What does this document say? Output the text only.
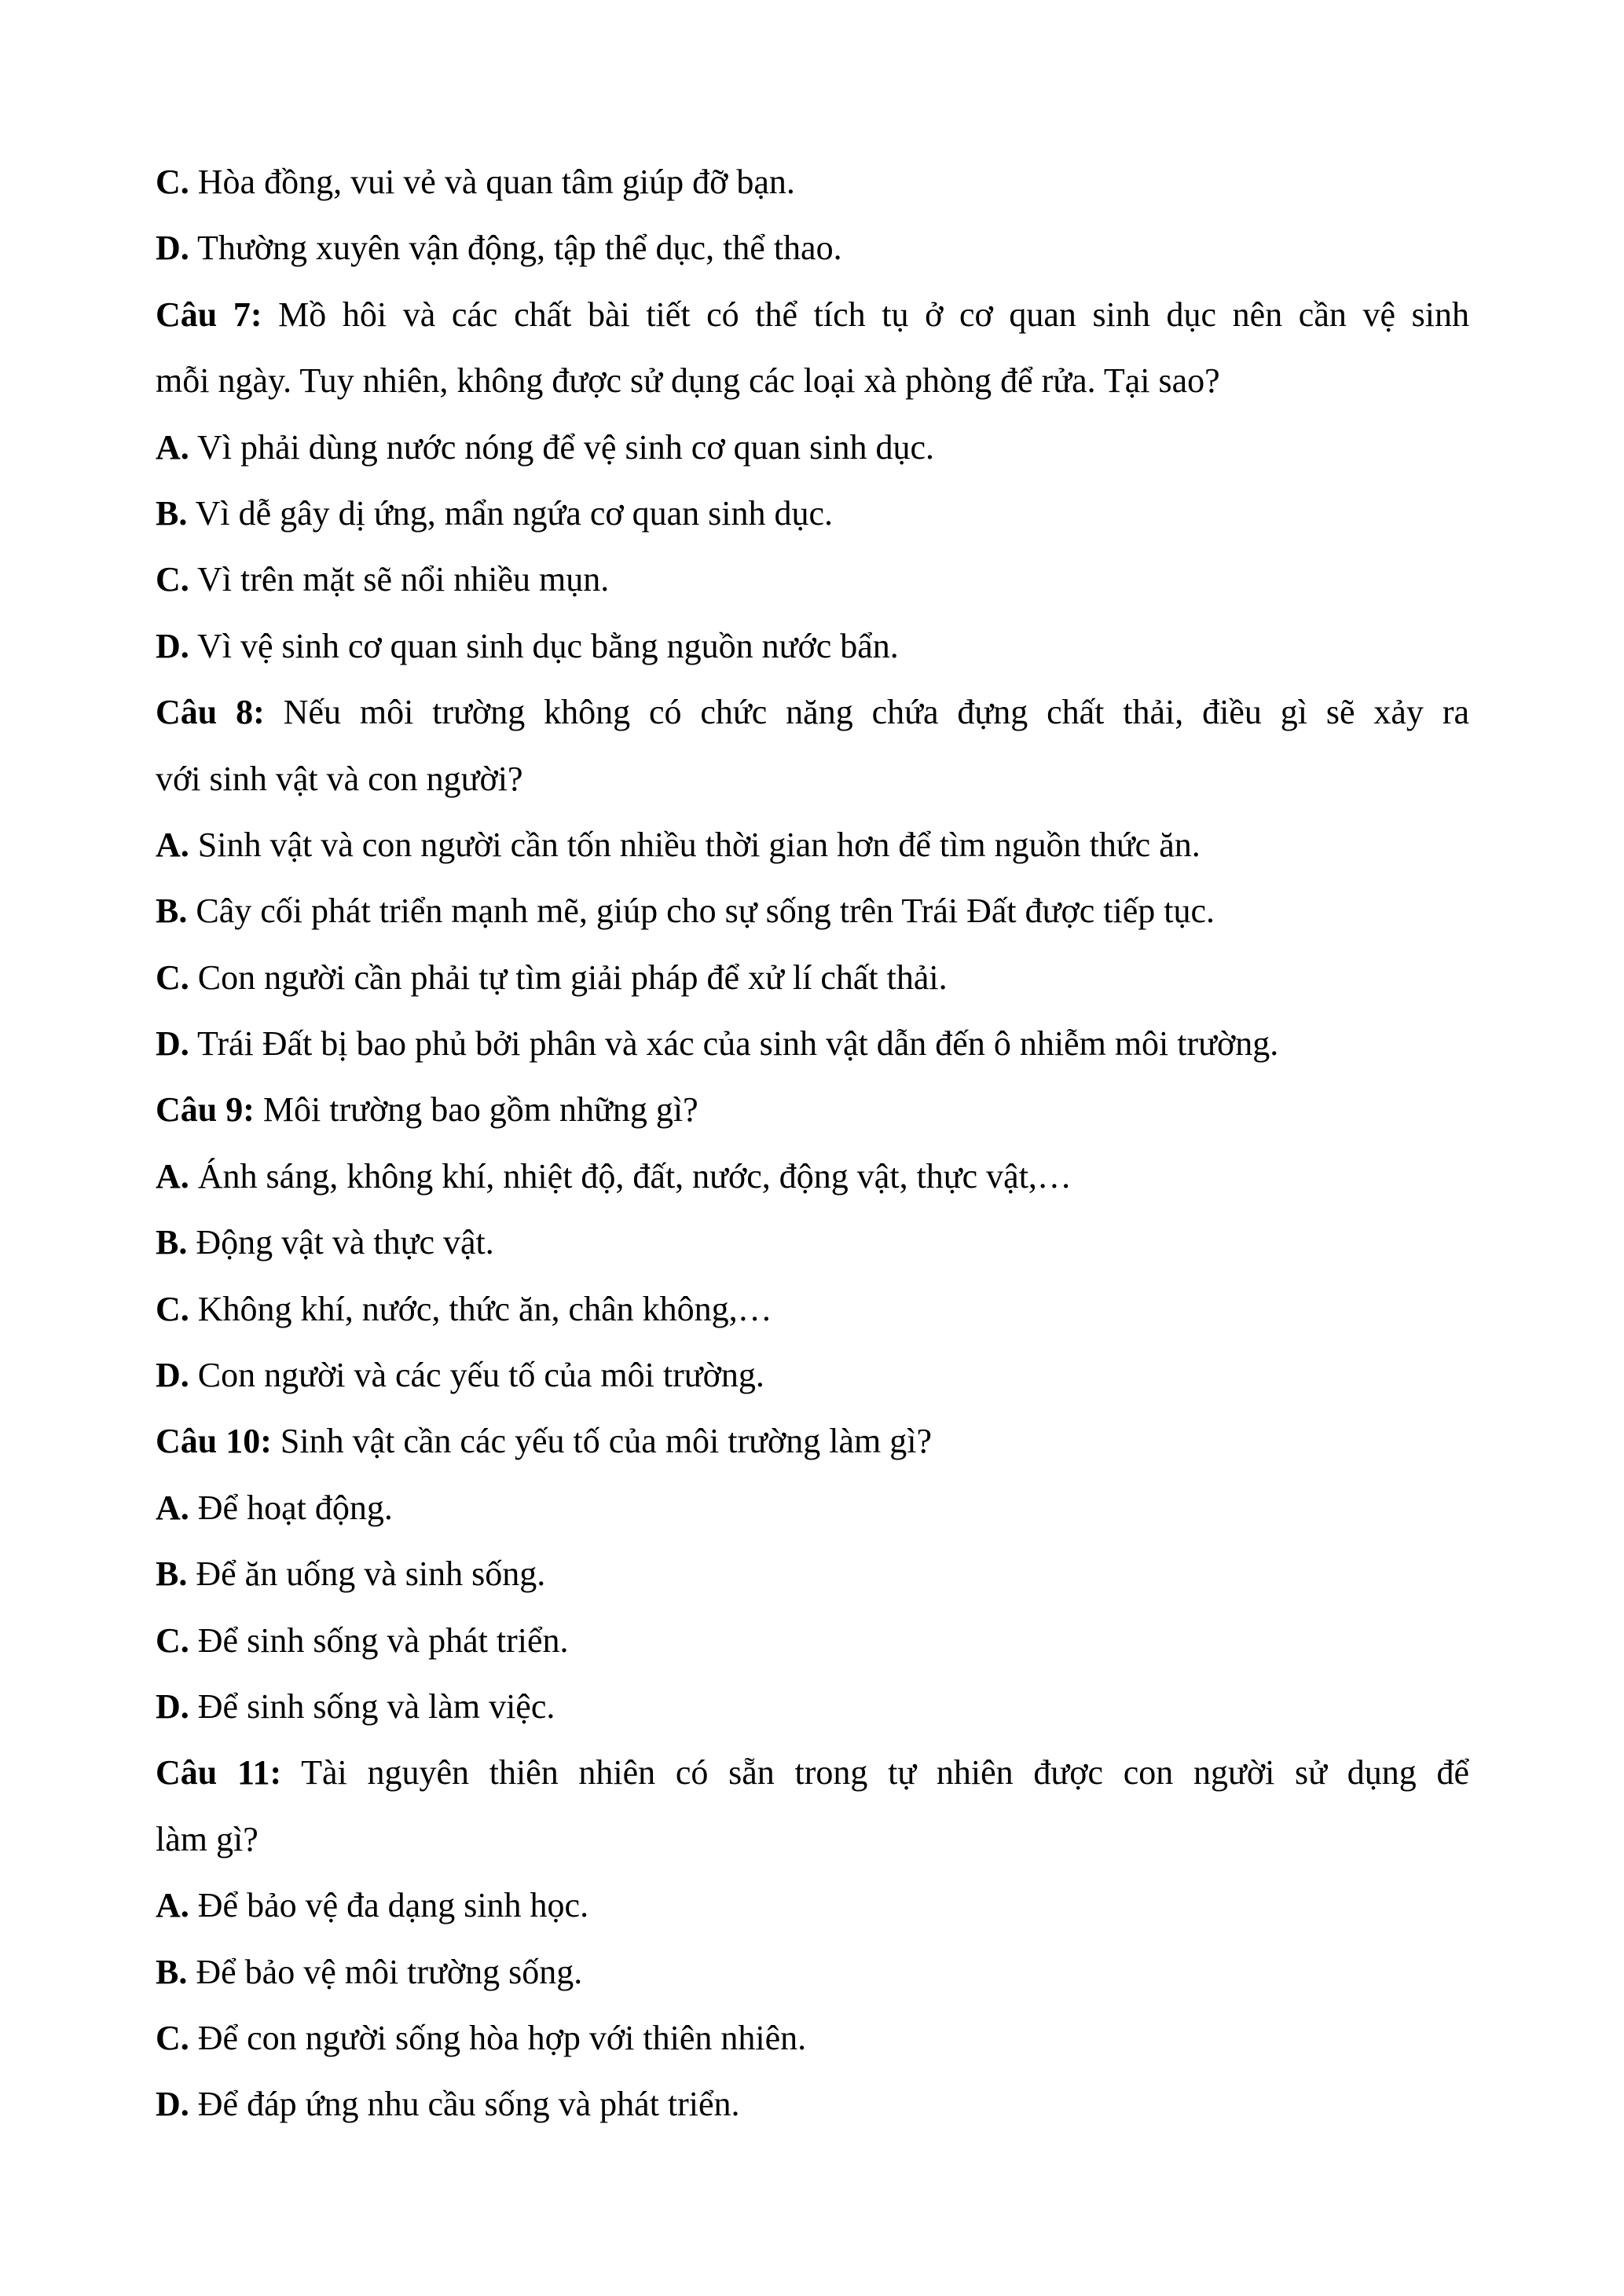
C. Hòa đồng, vui vẻ và quan tâm giúp đỡ bạn.
D. Thường xuyên vận động, tập thể dục, thể thao.
Câu 7: Mồ hôi và các chất bài tiết có thể tích tụ ở cơ quan sinh dục nên cần vệ sinh
mỗi ngày. Tuy nhiên, không được sử dụng các loại xà phòng để rửa. Tại sao?
A. Vì phải dùng nước nóng để vệ sinh cơ quan sinh dục.
B. Vì dễ gây dị ứng, mẩn ngứa cơ quan sinh dục.
C. Vì trên mặt sẽ nổi nhiều mụn.
D. Vì vệ sinh cơ quan sinh dục bằng nguồn nước bẩn.
Câu 8: Nếu môi trường không có chức năng chứa đựng chất thải, điều gì sẽ xảy ra
với sinh vật và con người?
A. Sinh vật và con người cần tốn nhiều thời gian hơn để tìm nguồn thức ăn.
B. Cây cối phát triển mạnh mẽ, giúp cho sự sống trên Trái Đất được tiếp tục.
C. Con người cần phải tự tìm giải pháp để xử lí chất thải.
D. Trái Đất bị bao phủ bởi phân và xác của sinh vật dẫn đến ô nhiễm môi trường.
Câu 9: Môi trường bao gồm những gì?
A. Ánh sáng, không khí, nhiệt độ, đất, nước, động vật, thực vật,…
B. Động vật và thực vật.
C. Không khí, nước, thức ăn, chân không,…
D. Con người và các yếu tố của môi trường.
Câu 10: Sinh vật cần các yếu tố của môi trường làm gì?
A. Để hoạt động.
B. Để ăn uống và sinh sống.
C. Để sinh sống và phát triển.
D. Để sinh sống và làm việc.
Câu 11: Tài nguyên thiên nhiên có sẵn trong tự nhiên được con người sử dụng để
làm gì?
A. Để bảo vệ đa dạng sinh học.
B. Để bảo vệ môi trường sống.
C. Để con người sống hòa hợp với thiên nhiên.
D. Để đáp ứng nhu cầu sống và phát triển.
